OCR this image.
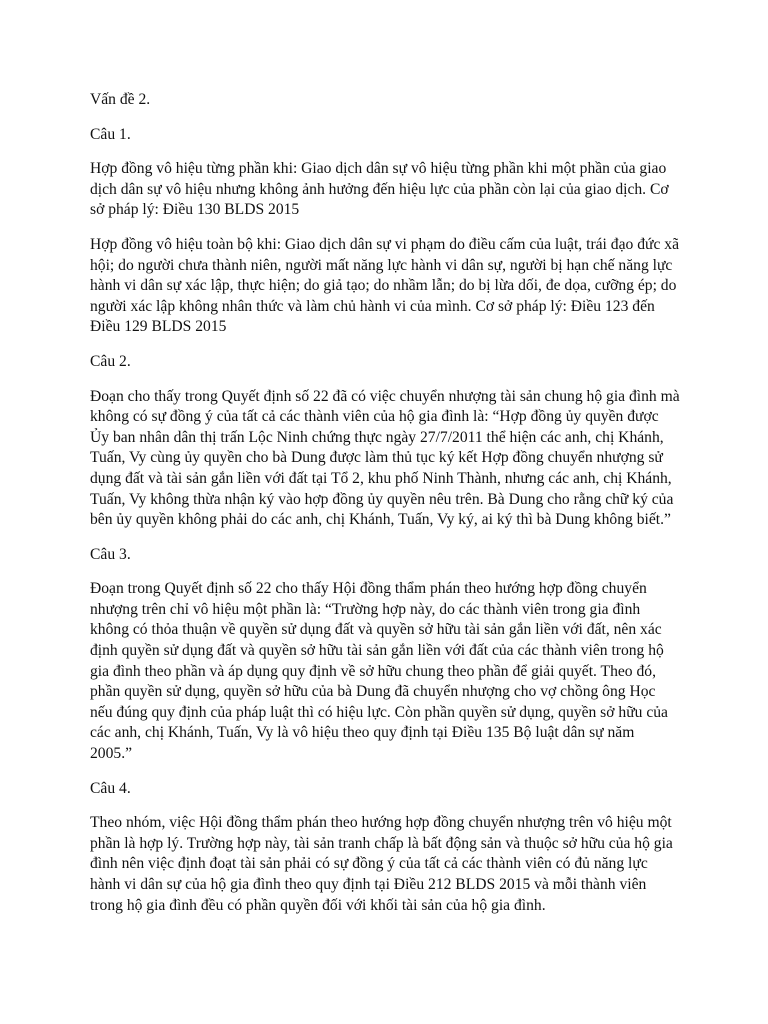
Vấn đề 2.

Câu 1.

Hợp đồng vô hiệu từng phần khi: Giao dịch dân sự vô hiệu từng phần khi một phần của giao dịch dân sự vô hiệu nhưng không ảnh hưởng đến hiệu lực của phần còn lại của giao dịch. Cơ sở pháp lý: Điều 130 BLDS 2015

Hợp đồng vô hiệu toàn bộ khi: Giao dịch dân sự vi phạm do điều cấm của luật, trái đạo đức xã hội; do người chưa thành niên, người mất năng lực hành vi dân sự, người bị hạn chế năng lực hành vi dân sự xác lập, thực hiện; do giả tạo; do nhầm lẫn; do bị lừa dối, đe dọa, cưỡng ép; do người xác lập không nhân thức và làm chủ hành vi của mình. Cơ sở pháp lý: Điều 123 đến Điều 129 BLDS 2015

Câu 2.

Đoạn cho thấy trong Quyết định số 22 đã có việc chuyển nhượng tài sản chung hộ gia đình mà không có sự đồng ý của tất cả các thành viên của hộ gia đình là: “Hợp đồng ủy quyền được Ủy ban nhân dân thị trấn Lộc Ninh chứng thực ngày 27/7/2011 thể hiện các anh, chị Khánh, Tuấn, Vy cùng ủy quyền cho bà Dung được làm thủ tục ký kết Hợp đồng chuyển nhượng sử dụng đất và tài sản gắn liền với đất tại Tổ 2, khu phố Ninh Thành, nhưng các anh, chị Khánh, Tuấn, Vy không thừa nhận ký vào hợp đồng ủy quyền nêu trên. Bà Dung cho rằng chữ ký của bên ủy quyền không phải do các anh, chị Khánh, Tuấn, Vy ký, ai ký thì bà Dung không biết.”

Câu 3.

Đoạn trong Quyết định số 22 cho thấy Hội đồng thẩm phán theo hướng hợp đồng chuyển nhượng trên chỉ vô hiệu một phần là: “Trường hợp này, do các thành viên trong gia đình không có thỏa thuận về quyền sử dụng đất và quyền sở hữu tài sản gắn liền với đất, nên xác định quyền sử dụng đất và quyền sở hữu tài sản gắn liền với đất của các thành viên trong hộ gia đình theo phần và áp dụng quy định về sở hữu chung theo phần để giải quyết. Theo đó, phần quyền sử dụng, quyền sở hữu của bà Dung đã chuyển nhượng cho vợ chồng ông Học nếu đúng quy định của pháp luật thì có hiệu lực. Còn phần quyền sử dụng, quyền sở hữu của các anh, chị Khánh, Tuấn, Vy là vô hiệu theo quy định tại Điều 135 Bộ luật dân sự năm 2005.”

Câu 4.

Theo nhóm, việc Hội đồng thẩm phán theo hướng hợp đồng chuyển nhượng trên vô hiệu một phần là hợp lý. Trường hợp này, tài sản tranh chấp là bất động sản và thuộc sở hữu của hộ gia đình nên việc định đoạt tài sản phải có sự đồng ý của tất cả các thành viên có đủ năng lực hành vi dân sự của hộ gia đình theo quy định tại Điều 212 BLDS 2015 và mỗi thành viên trong hộ gia đình đều có phần quyền đối với khối tài sản của hộ gia đình.
